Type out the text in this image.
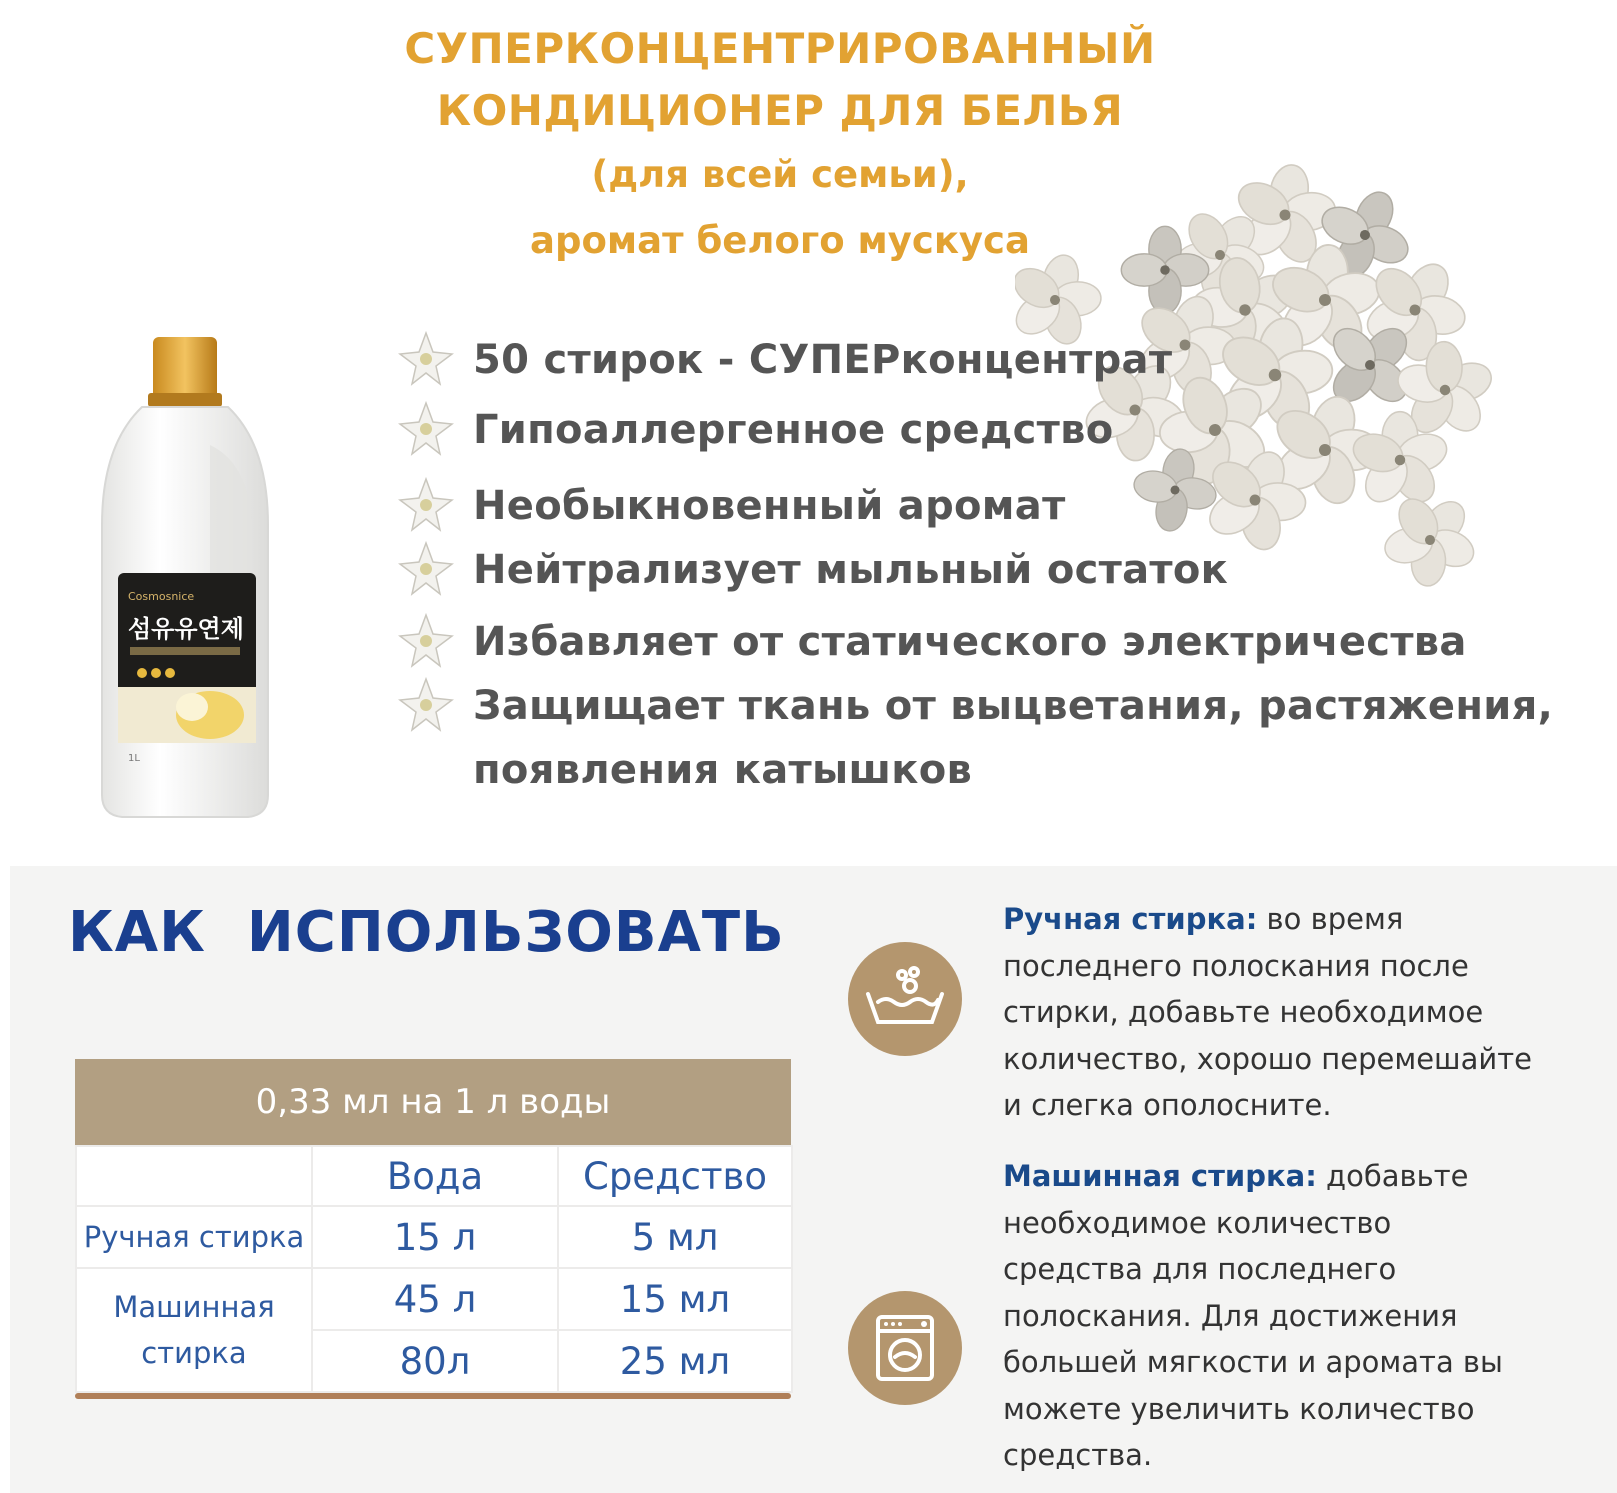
СУПЕРКОНЦЕНТРИРОВАННЫЙ
КОНДИЦИОНЕР ДЛЯ БЕЛЬЯ
(для всей семьи),
аромат белого мускуса
Cosmosnice
섬유유연제
1L
50 стирок - СУПЕРконцентрат
Гипоаллергенное средство
Необыкновенный аромат
Нейтрализует мыльный остаток
Избавляет от статического электричества
Защищает ткань от выцветания, растяжения,
появления катышков
КАК  ИСПОЛЬЗОВАТЬ
0,33 мл на 1 л воды
	Вода	Средство
Ручная стирка	15 л	5 мл
Машинная стирка	45 л	15 мл
	80л	25 мл
Ручная стирка: во время
последнего полоскания после
стирки, добавьте необходимое
количество, хорошо перемешайте
и слегка ополосните.
Машинная стирка: добавьте
необходимое количество
средства для последнего
полоскания. Для достижения
большей мягкости и аромата вы
можете увеличить количество
средства.
